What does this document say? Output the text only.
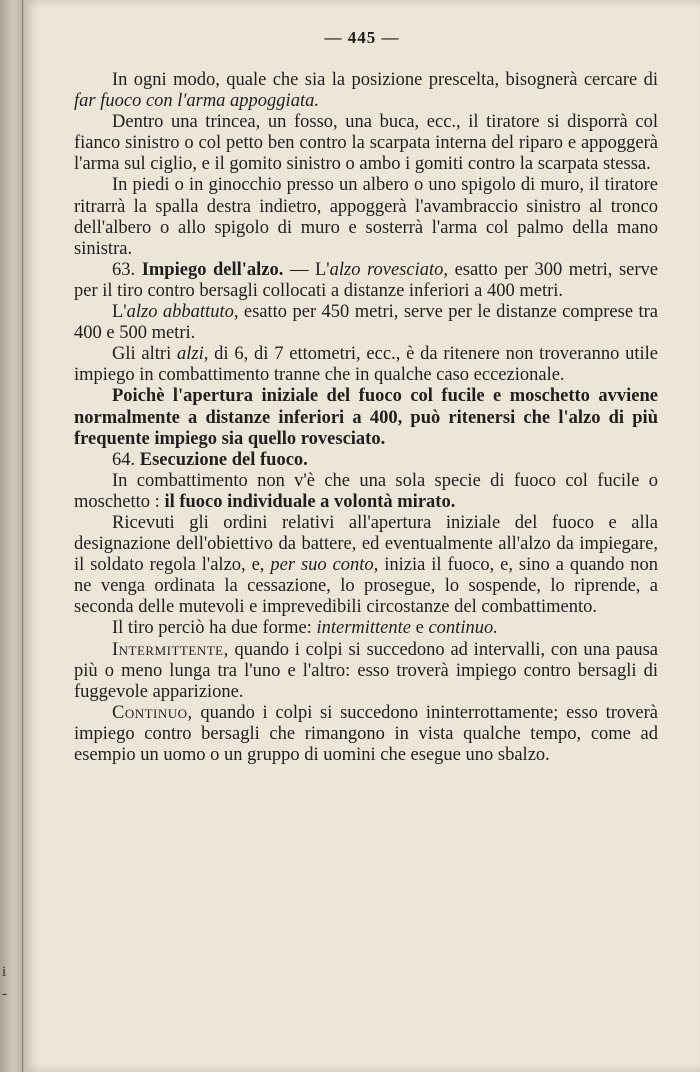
i
-
— 445 —

In ogni modo, quale che sia la posizione prescelta, bisognerà cercare di far fuoco con l'arma appoggiata.

Dentro una trincea, un fosso, una buca, ecc., il tiratore si disporrà col fianco sinistro o col petto ben contro la scarpata interna del riparo e appoggerà l'arma sul ciglio, e il gomito sinistro o ambo i gomiti contro la scarpata stessa.

In piedi o in ginocchio presso un albero o uno spigolo di muro, il tiratore ritrarrà la spalla destra indietro, appoggerà l'avambraccio sinistro al tronco dell'albero o allo spigolo di muro e sosterrà l'arma col palmo della mano sinistra.

63. Impiego dell'alzo. — L'alzo rovesciato, esatto per 300 metri, serve per il tiro contro bersagli collocati a distanze inferiori a 400 metri.

L'alzo abbattuto, esatto per 450 metri, serve per le distanze comprese tra 400 e 500 metri.

Gli altri alzi, di 6, di 7 ettometri, ecc., è da ritenere non troveranno utile impiego in combattimento tranne che in qualche caso eccezionale.

Poichè l'apertura iniziale del fuoco col fucile e moschetto avviene normalmente a distanze inferiori a 400, può ritenersi che l'alzo di più frequente impiego sia quello rovesciato.

64. Esecuzione del fuoco.

In combattimento non v'è che una sola specie di fuoco col fucile o moschetto : il fuoco individuale a volontà mirato.

Ricevuti gli ordini relativi all'apertura iniziale del fuoco e alla designazione dell'obiettivo da battere, ed eventualmente all'alzo da impiegare, il soldato regola l'alzo, e, per suo conto, inizia il fuoco, e, sino a quando non ne venga ordinata la cessazione, lo prosegue, lo sospende, lo riprende, a seconda delle mutevoli e imprevedibili circostanze del combattimento.

Il tiro perciò ha due forme: intermittente e continuo.

Intermittente, quando i colpi si succedono ad intervalli, con una pausa più o meno lunga tra l'uno e l'altro: esso troverà impiego contro bersagli di fuggevole apparizione.

Continuo, quando i colpi si succedono ininterrottamente; esso troverà impiego contro bersagli che rimangono in vista qualche tempo, come ad esempio un uomo o un gruppo di uomini che esegue uno sbalzo.
